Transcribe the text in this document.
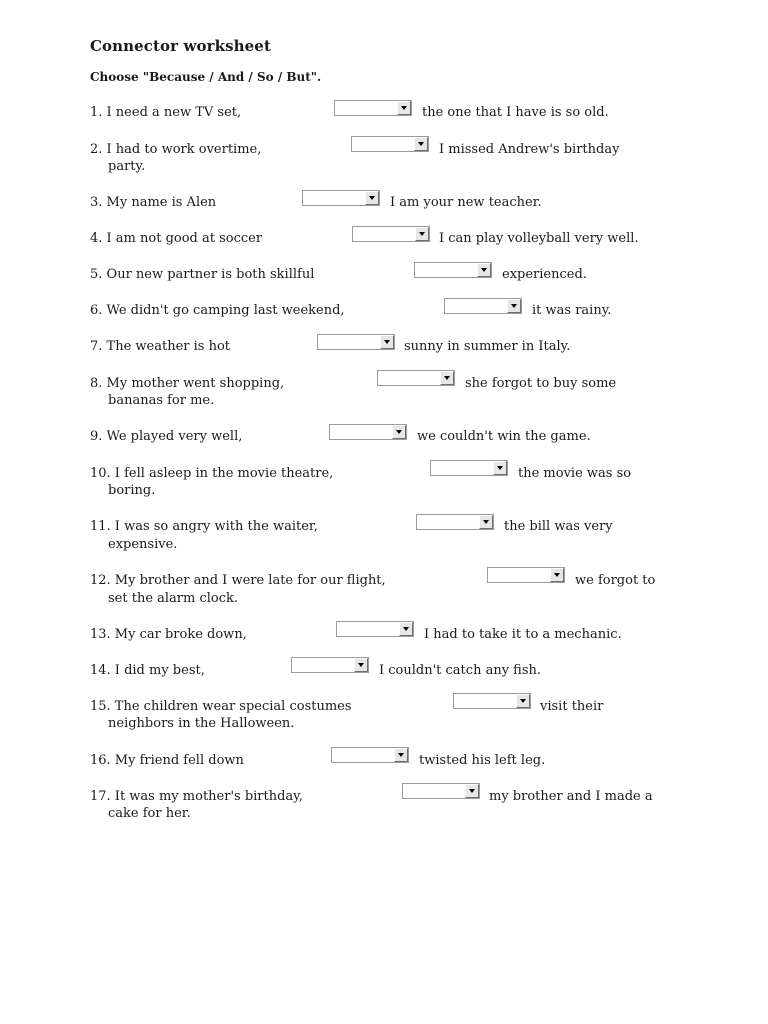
Connector worksheet

Choose "Because / And / So / But".

1. I need a new TV set,	the one that I have is so old.
2. I had to work overtime,	I missed Andrew's birthday
party.
3. My name is Alen	I am your new teacher.
4. I am not good at soccer	I can play volleyball very well.
5. Our new partner is both skillful	experienced.
6. We didn't go camping last weekend,	it was rainy.
7. The weather is hot	sunny in summer in Italy.
8. My mother went shopping,	she forgot to buy some
bananas for me.
9. We played very well,	we couldn't win the game.
10. I fell asleep in the movie theatre,	the movie was so
boring.
11. I was so angry with the waiter,	the bill was very
expensive.
12. My brother and I were late for our flight,	we forgot to
set the alarm clock.
13. My car broke down,	I had to take it to a mechanic.
14. I did my best,	I couldn't catch any fish.
15. The children wear special costumes	visit their
neighbors in the Halloween.
16. My friend fell down	twisted his left leg.
17. It was my mother's birthday,	my brother and I made a
cake for her.
